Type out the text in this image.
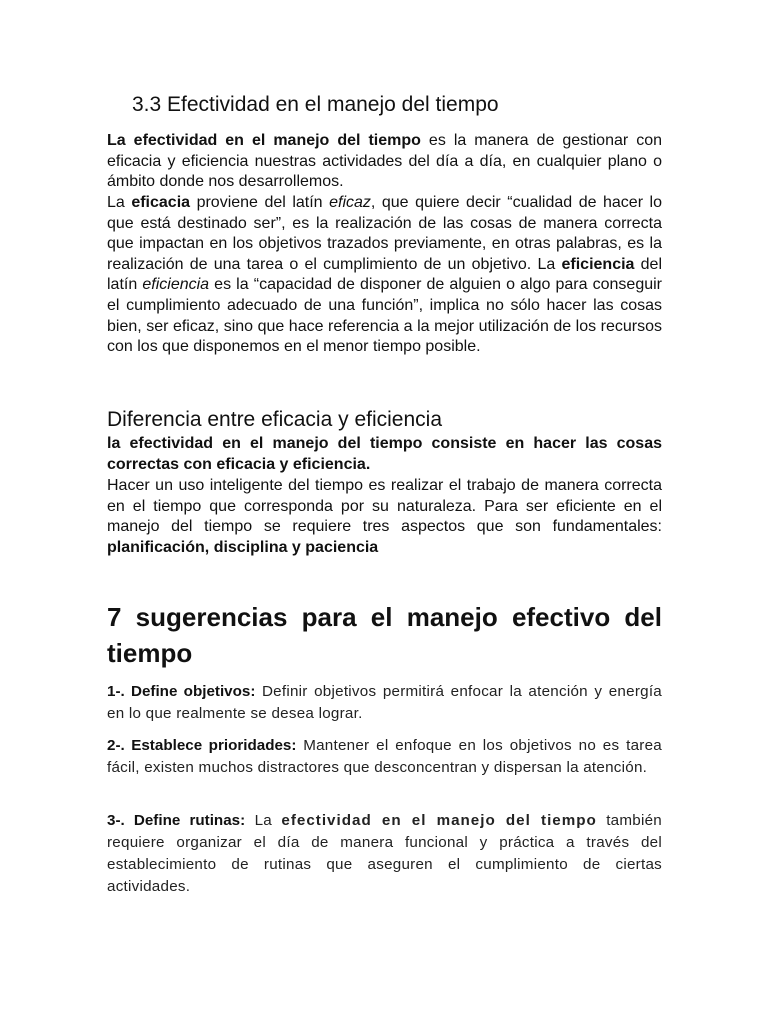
3.3 Efectividad en el manejo del tiempo

La efectividad en el manejo del tiempo es la manera de gestionar con eficacia y eficiencia nuestras actividades del día a día, en cualquier plano o ámbito donde nos desarrollemos.

La eficacia proviene del latín eficaz, que quiere decir “cualidad de hacer lo que está destinado ser”, es la realización de las cosas de manera correcta que impactan en los objetivos trazados previamente, en otras palabras, es la realización de una tarea o el cumplimiento de un objetivo. La eficiencia del latín eficiencia es la “capacidad de disponer de alguien o algo para conseguir el cumplimiento adecuado de una función”, implica no sólo hacer las cosas bien, ser eficaz, sino que hace referencia a la mejor utilización de los recursos con los que disponemos en el menor tiempo posible.

Diferencia entre eficacia y eficiencia

la efectividad en el manejo del tiempo consiste en hacer las cosas correctas con eficacia y eficiencia.

Hacer un uso inteligente del tiempo es realizar el trabajo de manera correcta en el tiempo que corresponda por su naturaleza. Para ser eficiente en el manejo del tiempo se requiere tres aspectos que son fundamentales: planificación, disciplina y paciencia

7 sugerencias para el manejo efectivo del
tiempo

1-. Define objetivos: Definir objetivos permitirá enfocar la atención y energía en lo que realmente se desea lograr.

2-. Establece prioridades: Mantener el enfoque en los objetivos no es tarea fácil, existen muchos distractores que desconcentran y dispersan la atención.

3-. Define rutinas: La efectividad en el manejo del tiempo también requiere organizar el día de manera funcional y práctica a través del establecimiento de rutinas que aseguren el cumplimiento de ciertas actividades.
